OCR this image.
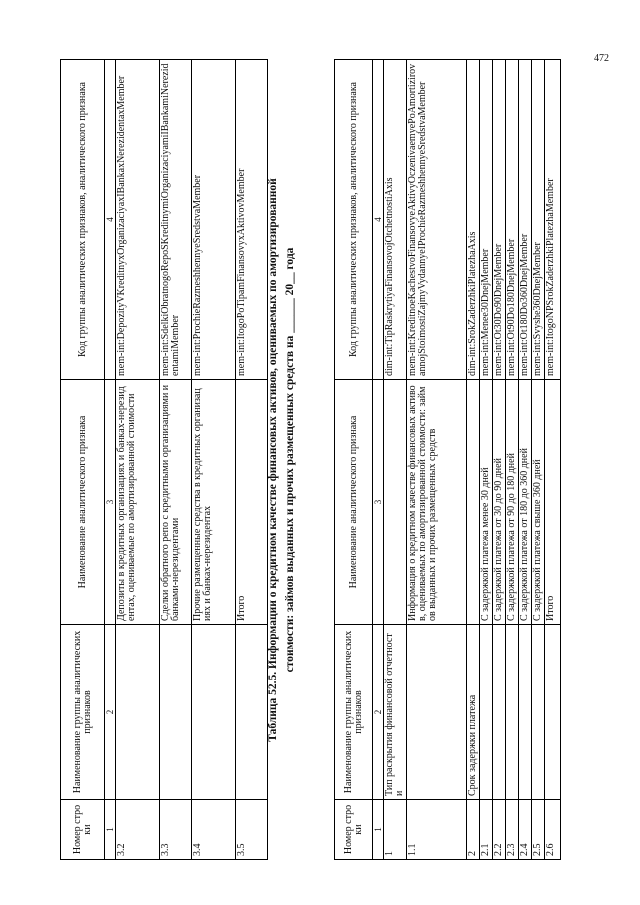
472
Номер строки	Наименование группы аналитических признаков	Наименование аналитического признака	Код группы аналитических признаков, аналитического признака
1	2	3	4
3.2		Депозиты в кредитных организациях и банках-нерезидентах, оцениваемые по амортизированной стоимости	mem-int:DepozityVKreditnyxOrganizaciyaxIBankaxNerezidentaxMember
3.3		Сделки обратного репо с кредитными организациями и банками-нерезидентами	mem-int:SdelkiObratnogoRepoSKreditnymiOrganizaciyamiIBankamiNerezidentamiMember
3.4		Прочие размещенные средства в кредитных организациях и банках-нерезидентах	mem-int:ProchieRazmeshhennyeSredstvaMember
3.5		Итого	mem-int:ItogoPoTipamFinansovyxAktivovMember Таблица 52.5. Информации о кредитном качестве финансовых активов, оцениваемых по амортизированной стоимости: займов выданных и прочих размещенных средств на ______ 20__ года
Номер строки	Наименование группы аналитических признаков	Наименование аналитического признака	Код группы аналитических признаков, аналитического признака
1	2	3	4
1	Тип раскрытия финансовой отчетности		dim-int:TipRaskrytiyaFinansovojOtchetnostiAxis
1.1		Информация о кредитном качестве финансовых активов, оцениваемых по амортизированной стоимости: займов выданных и прочих размещенных средств	mem-int:KreditnoeKachestvoFinansovyeAktivyOczenivaemyePoAmortizirovannojStoimostiZajmyVydannyeIProchieRazmeshhennyeSredstvaMember
2	Срок задержки платежа		dim-int:SrokZaderzhkiPlatezhaAxis
2.1		С задержкой платежа менее 30 дней	mem-int:Menee30DnejMember
2.2		С задержкой платежа от 30 до 90 дней	mem-int:Ot30Do90DnejMember
2.3		С задержкой платежа от 90 до 180 дней	mem-int:Ot90Do180DnejMember
2.4		С задержкой платежа от 180 до 360 дней	mem-int:Ot180Do360DnejMember
2.5		С задержкой платежа свыше 360 дней	mem-int:Svyshe360DnejMember
2.6		Итого	mem-int:ItogoNPSrokZaderzhkiPlatezhaMember
